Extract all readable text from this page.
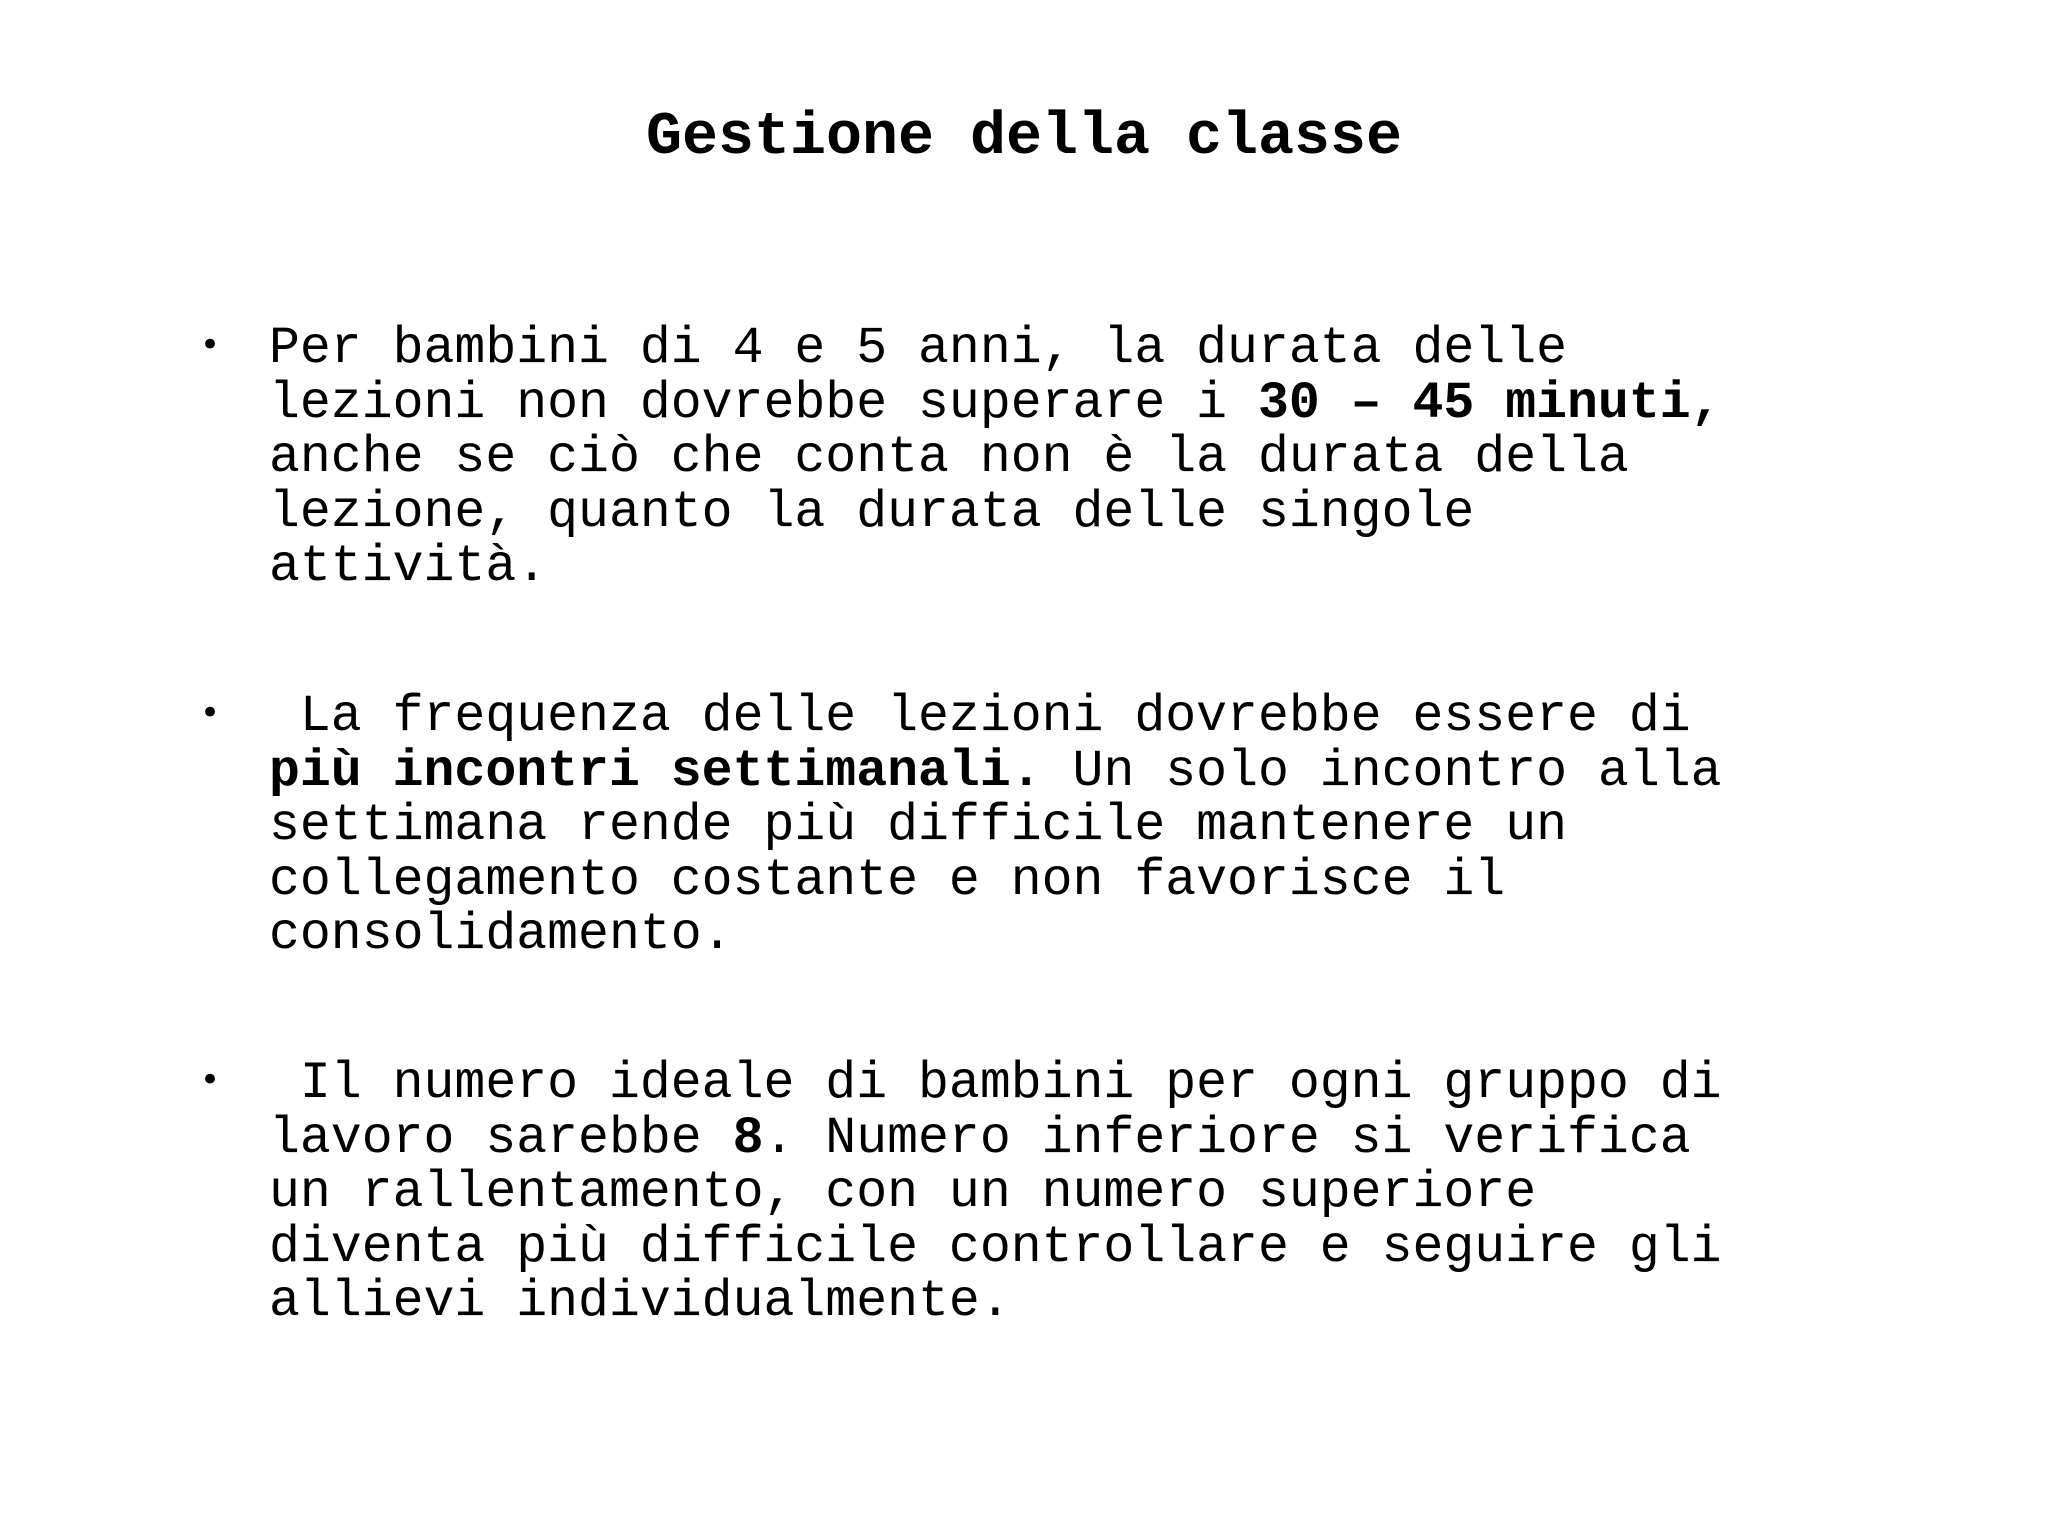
Gestione della classe
• Per bambini di 4 e 5 anni, la durata delle
lezioni non dovrebbe superare i 30 – 45 minuti,
anche se ciò che conta non è la durata della
lezione, quanto la durata delle singole
attività.
• La frequenza delle lezioni dovrebbe essere di
più incontri settimanali. Un solo incontro alla
settimana rende più difficile mantenere un
collegamento costante e non favorisce il
consolidamento.
• Il numero ideale di bambini per ogni gruppo di
lavoro sarebbe 8. Numero inferiore si verifica
un rallentamento, con un numero superiore
diventa più difficile controllare e seguire gli
allievi individualmente.
